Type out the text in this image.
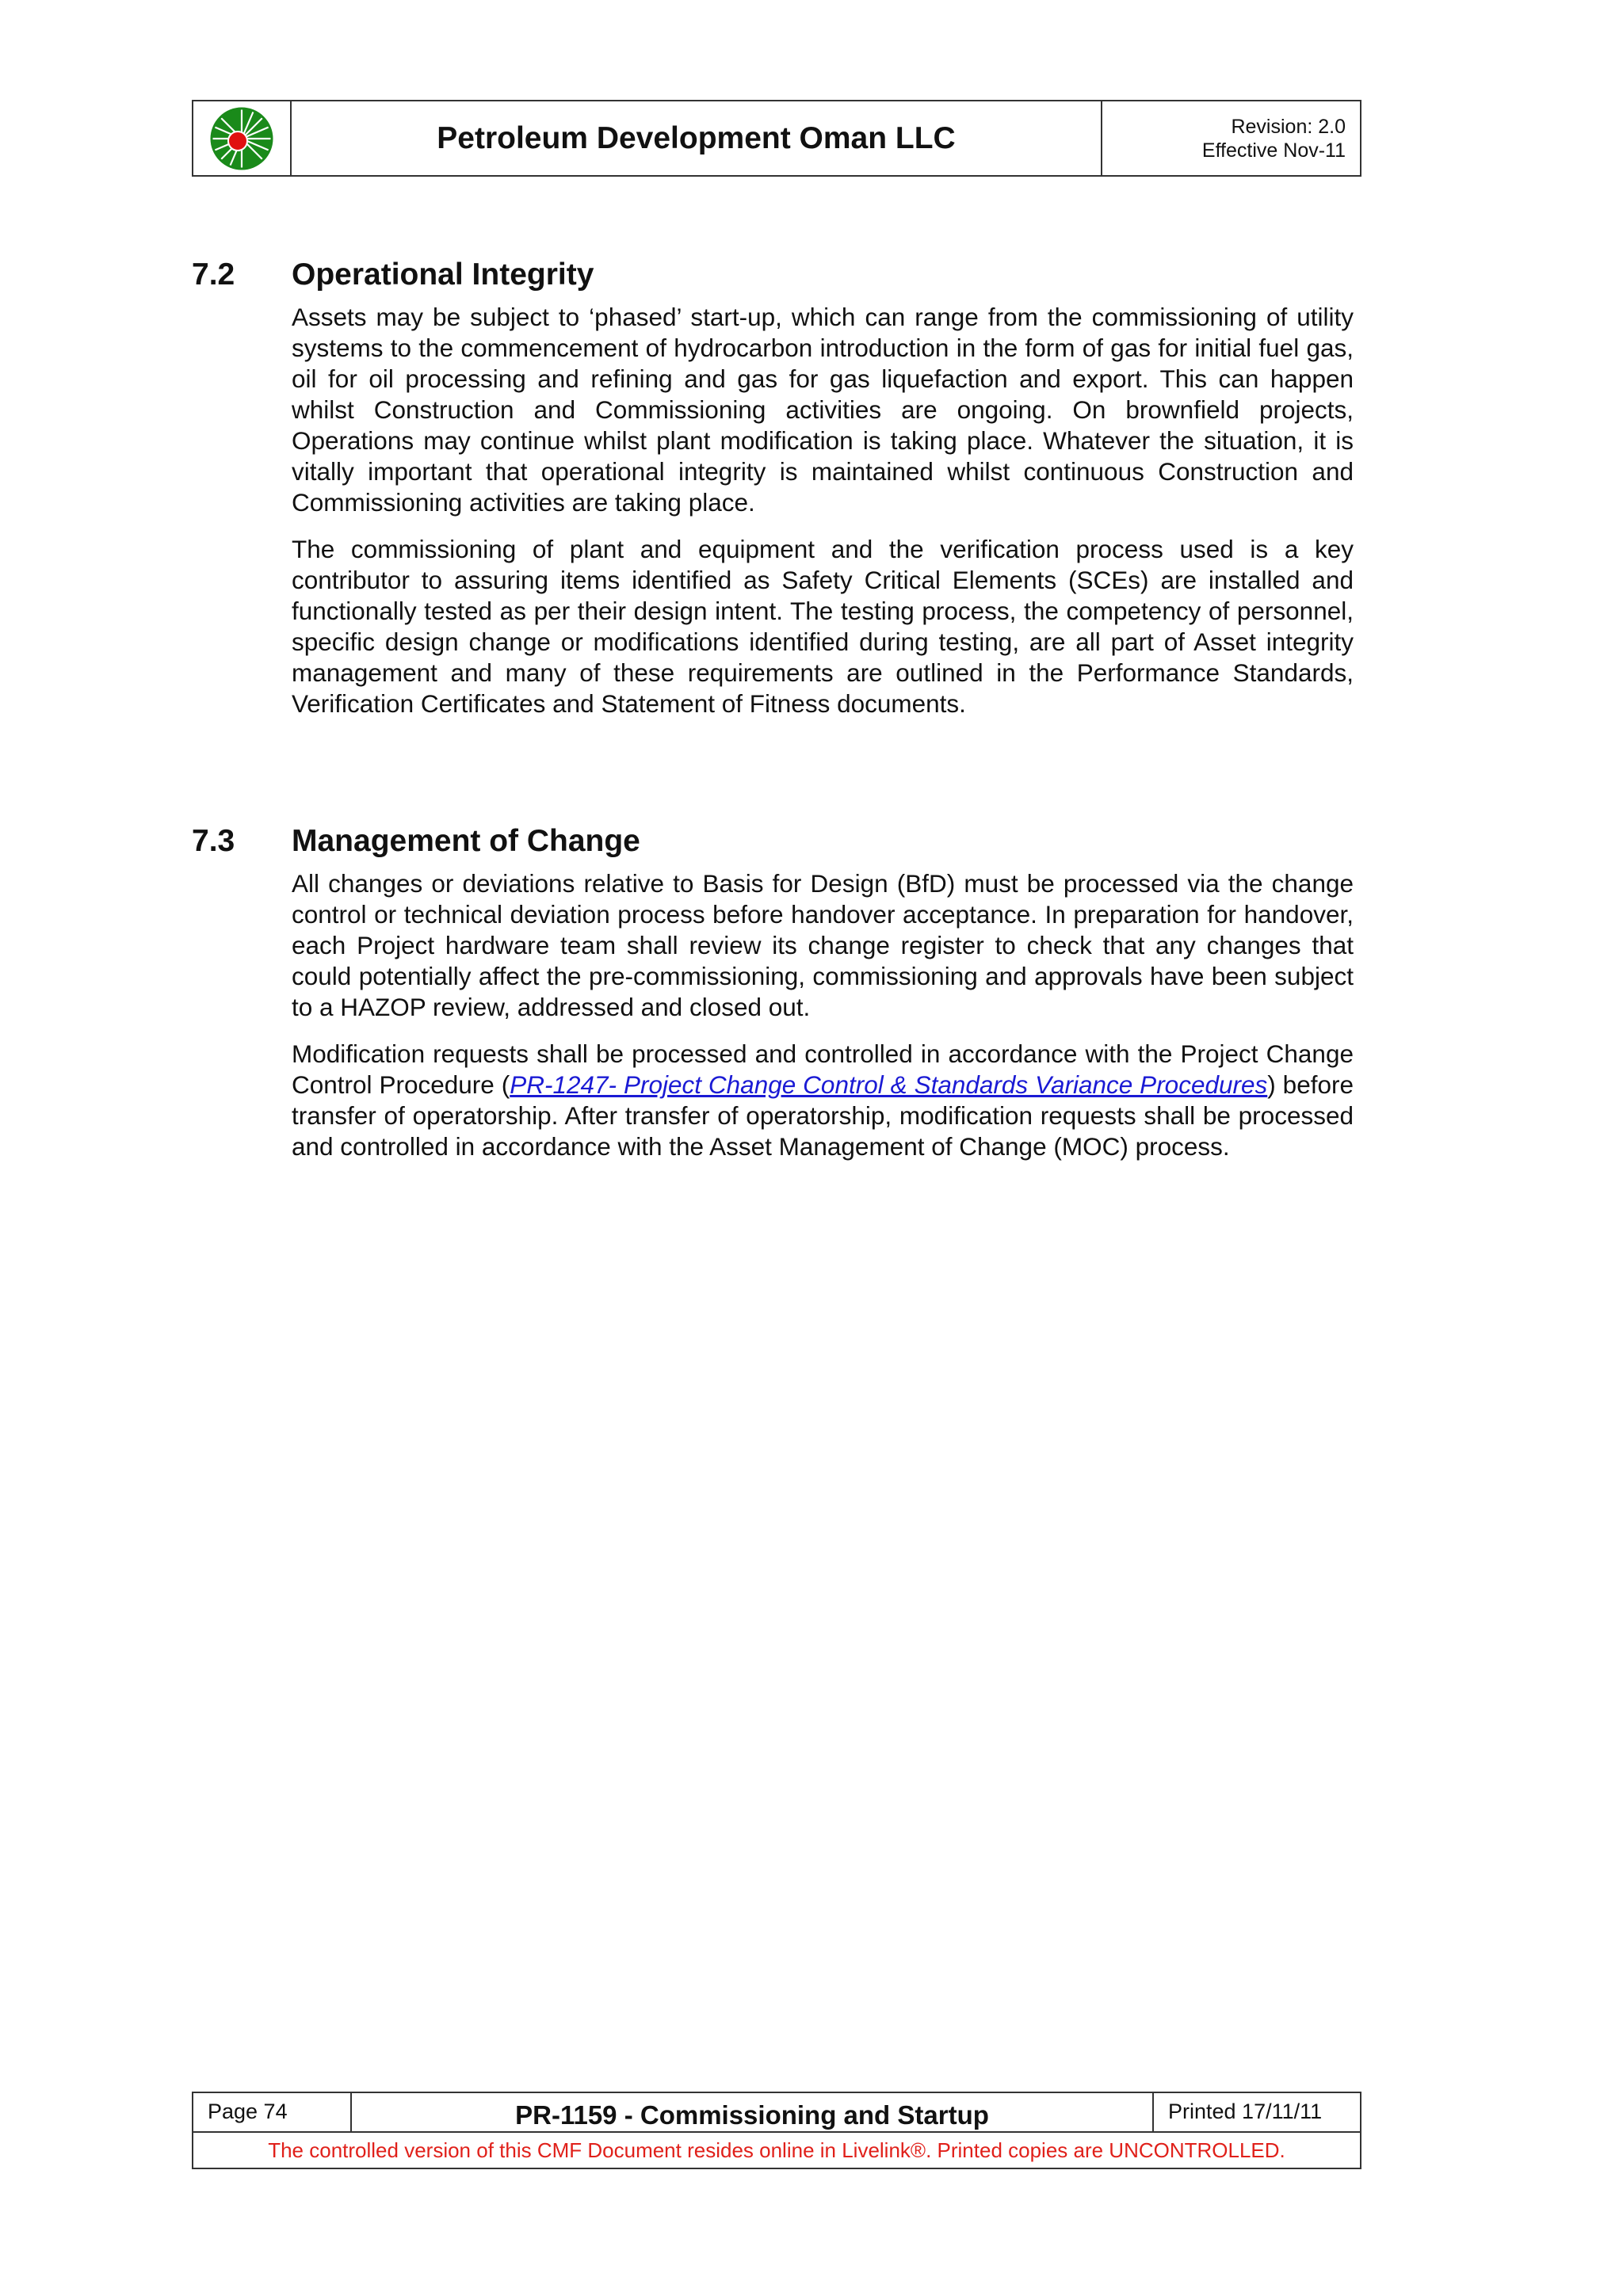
Petroleum Development Oman LLC	Revision: 2.0
Effective Nov-11
7.2	Operational Integrity

Assets may be subject to ‘phased’ start-up, which can range from the commissioning of utility systems to the commencement of hydrocarbon introduction in the form of gas for initial fuel gas, oil for oil processing and refining and gas for gas liquefaction and export. This can happen whilst Construction and Commissioning activities are ongoing. On brownfield projects, Operations may continue whilst plant modification is taking place. Whatever the situation, it is vitally important that operational integrity is maintained whilst continuous Construction and Commissioning activities are taking place.

The commissioning of plant and equipment and the verification process used is a key contributor to assuring items identified as Safety Critical Elements (SCEs) are installed and functionally tested as per their design intent. The testing process, the competency of personnel, specific design change or modifications identified during testing, are all part of Asset integrity management and many of these requirements are outlined in the Performance Standards, Verification Certificates and Statement of Fitness documents.

7.3	Management of Change

All changes or deviations relative to Basis for Design (BfD) must be processed via the change control or technical deviation process before handover acceptance. In preparation for handover, each Project hardware team shall review its change register to check that any changes that could potentially affect the pre-commissioning, commissioning and approvals have been subject to a HAZOP review, addressed and closed out.

Modification requests shall be processed and controlled in accordance with the Project Change Control Procedure (PR-1247- Project Change Control & Standards Variance Procedures) before transfer of operatorship. After transfer of operatorship, modification requests shall be processed and controlled in accordance with the Asset Management of Change (MOC) process.

Page 74	PR-1159 - Commissioning and Startup	Printed 17/11/11
The controlled version of this CMF Document resides online in Livelink®. Printed copies are UNCONTROLLED.
